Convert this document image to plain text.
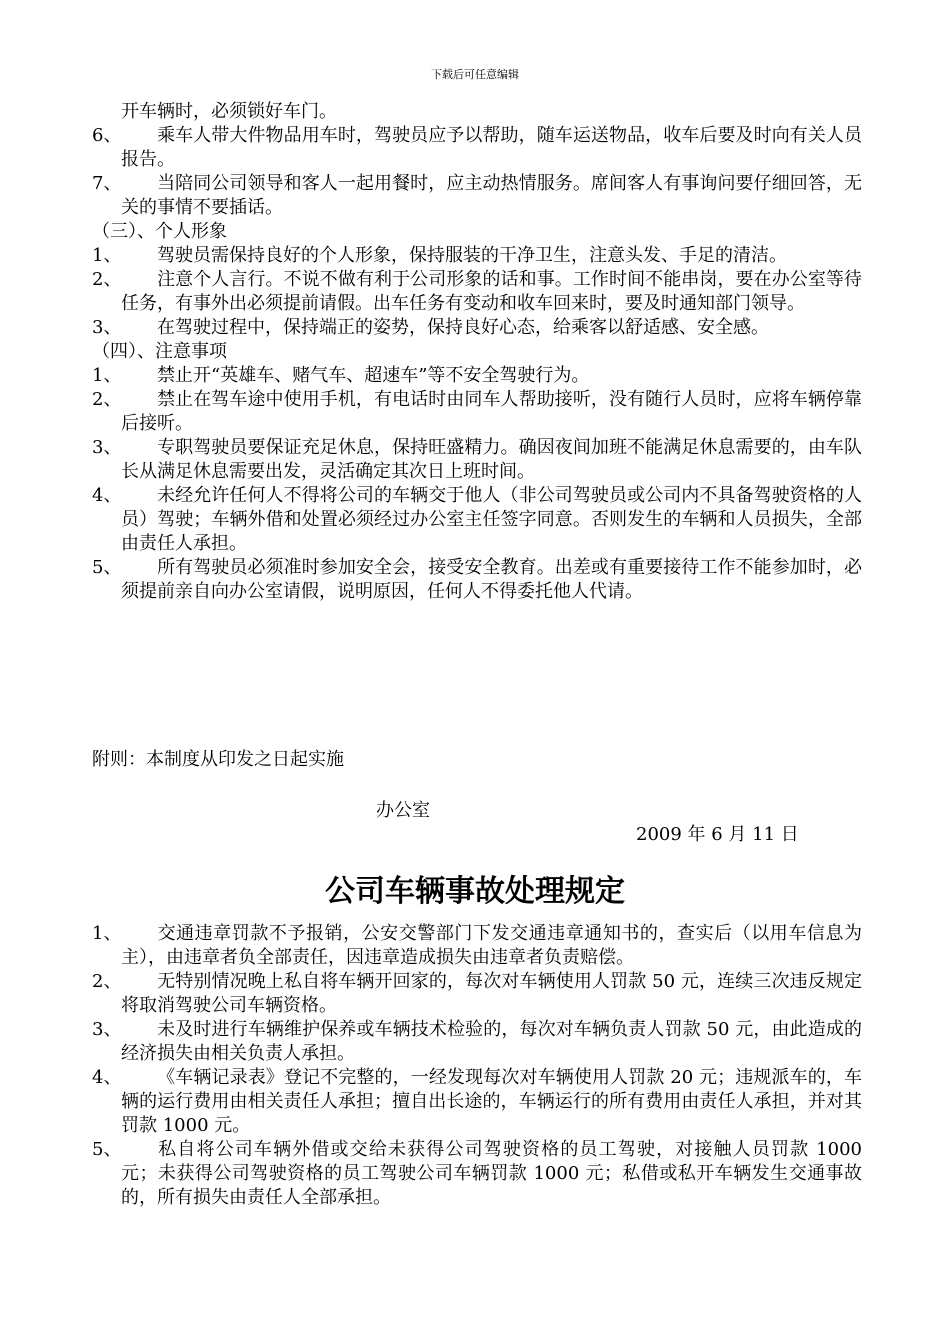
下载后可任意编辑
开车辆时，必须锁好车门。
6、	乘车人带大件物品用车时，驾驶员应予以帮助，随车运送物品，收车后要及时向有关人员报告。
7、	当陪同公司领导和客人一起用餐时，应主动热情服务。席间客人有事询问要仔细回答，无关的事情不要插话。
（三）、个人形象
1、	驾驶员需保持良好的个人形象，保持服装的干净卫生，注意头发、手足的清洁。
2、	注意个人言行。不说不做有利于公司形象的话和事。工作时间不能串岗，要在办公室等待任务，有事外出必须提前请假。出车任务有变动和收车回来时，要及时通知部门领导。
3、	在驾驶过程中，保持端正的姿势，保持良好心态，给乘客以舒适感、安全感。
（四）、注意事项
1、	禁止开“英雄车、赌气车、超速车”等不安全驾驶行为。
2、	禁止在驾车途中使用手机，有电话时由同车人帮助接听，没有随行人员时，应将车辆停靠后接听。
3、	专职驾驶员要保证充足休息，保持旺盛精力。确因夜间加班不能满足休息需要的，由车队长从满足休息需要出发，灵活确定其次日上班时间。
4、	未经允许任何人不得将公司的车辆交于他人（非公司驾驶员或公司内不具备驾驶资格的人员）驾驶；车辆外借和处置必须经过办公室主任签字同意。否则发生的车辆和人员损失，全部由责任人承担。
5、	所有驾驶员必须准时参加安全会，接受安全教育。出差或有重要接待工作不能参加时，必须提前亲自向办公室请假，说明原因，任何人不得委托他人代请。
附则：本制度从印发之日起实施
办公室
2009 年 6 月 11 日
公司车辆事故处理规定
1、	交通违章罚款不予报销，公安交警部门下发交通违章通知书的，查实后（以用车信息为主），由违章者负全部责任，因违章造成损失由违章者负责赔偿。
2、	无特别情况晚上私自将车辆开回家的，每次对车辆使用人罚款 50 元，连续三次违反规定将取消驾驶公司车辆资格。
3、	未及时进行车辆维护保养或车辆技术检验的，每次对车辆负责人罚款 50 元，由此造成的经济损失由相关负责人承担。
4、	《车辆记录表》登记不完整的，一经发现每次对车辆使用人罚款 20 元；违规派车的，车辆的运行费用由相关责任人承担；擅自出长途的，车辆运行的所有费用由责任人承担，并对其罚款 1000 元。
5、	私自将公司车辆外借或交给未获得公司驾驶资格的员工驾驶，对接触人员罚款 1000 元；未获得公司驾驶资格的员工驾驶公司车辆罚款 1000 元；私借或私开车辆发生交通事故的，所有损失由责任人全部承担。
